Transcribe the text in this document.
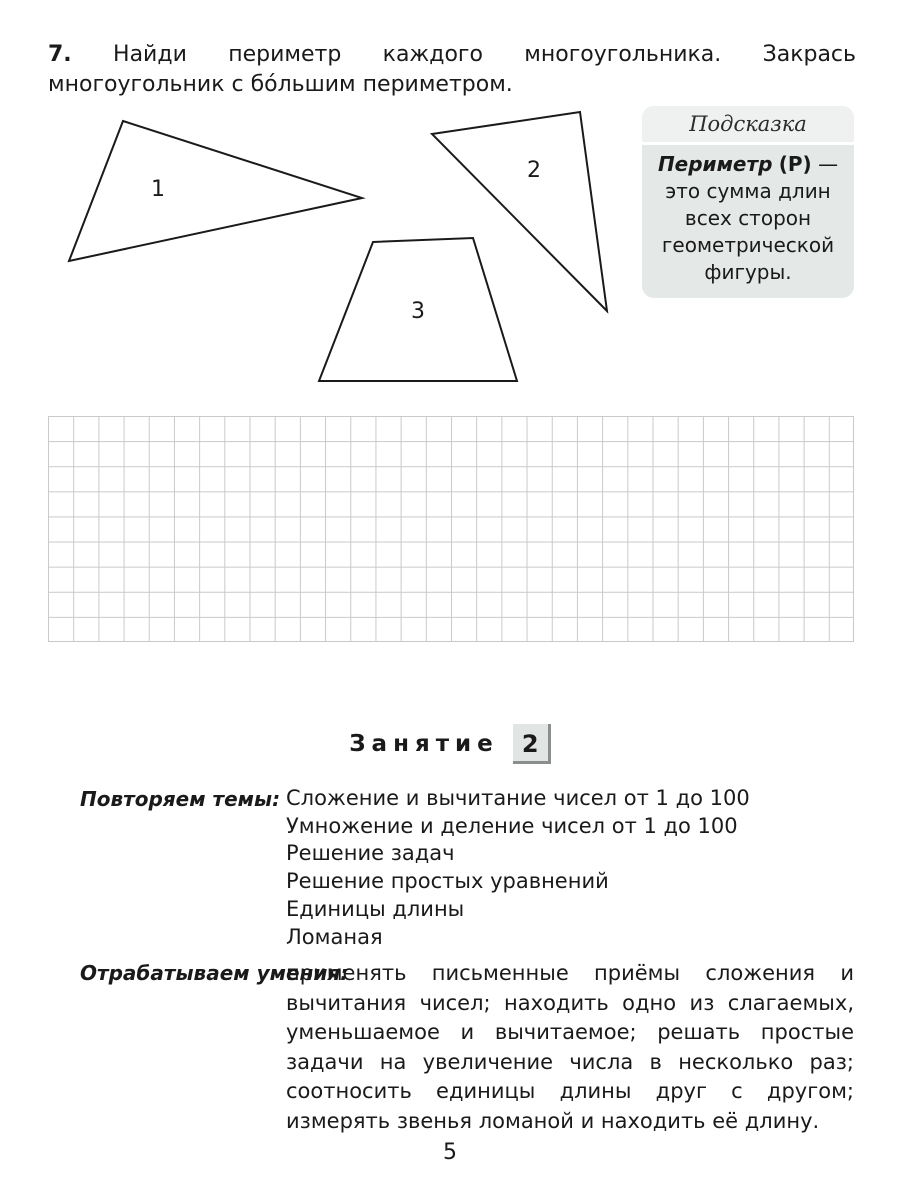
7. Найди периметр каждого многоугольника. Закрась многоугольник с бо́льшим периметром.
1
2
3
Подсказка
Периметр (Р) — это сумма длин всех сторон геометрической фигуры.
Занятие 2
Повторяем темы: Сложение и вычитание чисел от 1 до 100
Умножение и деление чисел от 1 до 100
Решение задач
Решение простых уравнений
Единицы длины
Ломаная
Отрабатываем умения:
применять письменные приёмы сложения и вычитания чисел; находить одно из слагаемых, уменьшаемое и вычитаемое; решать простые задачи на увеличение числа в несколько раз; соотносить единицы длины друг с другом; измерять звенья ломаной и находить её длину.
5
